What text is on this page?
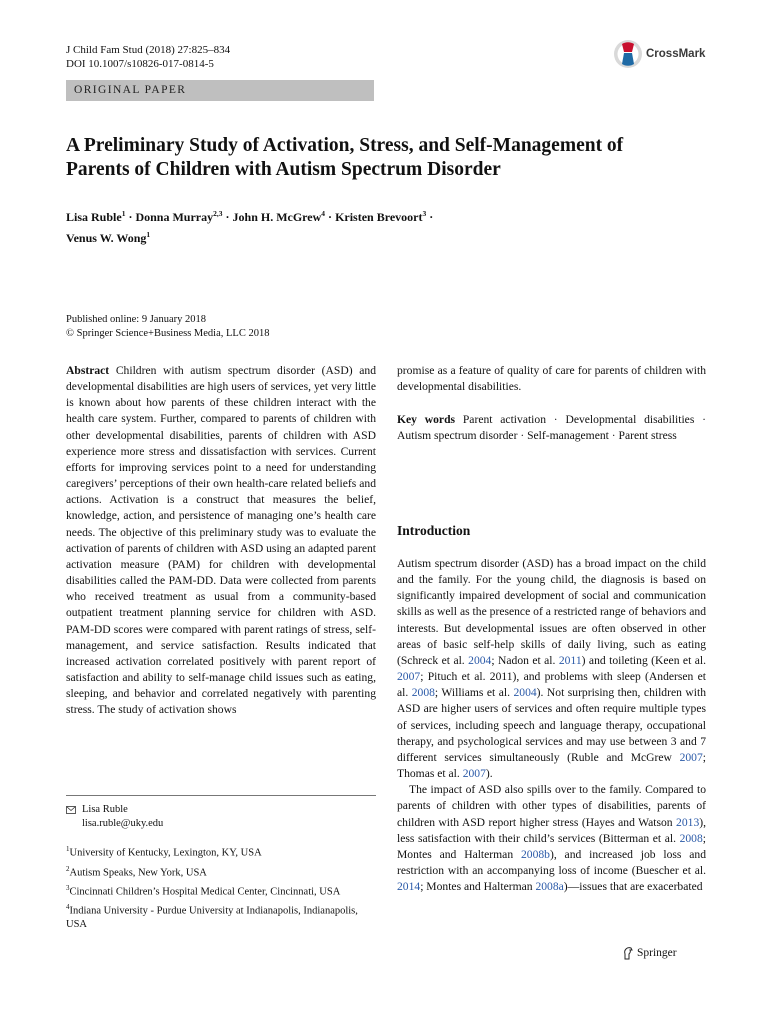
J Child Fam Stud (2018) 27:825–834
DOI 10.1007/s10826-017-0814-5
CrossMark
ORIGINAL PAPER
A Preliminary Study of Activation, Stress, and Self-Management of
Parents of Children with Autism Spectrum Disorder
Lisa Ruble$^1$ · Donna Murray$^{2,3}$ · John H. McGrew$^4$ · Kristen Brevoort$^3$ ·
Venus W. Wong$^1$
Published online: 9 January 2018
© Springer Science+Business Media, LLC 2018

Abstract Children with autism spectrum disorder (ASD) and developmental disabilities are high users of services, yet very little is known about how parents of these children interact with the health care system. Further, compared to parents of children with other developmental disabilities, parents of children with ASD experience more stress and dissatisfaction with services. Current efforts for improving services point to a need for understanding caregivers’ perceptions of their own health-care related beliefs and actions. Activation is a construct that measures the belief, knowledge, action, and persistence of managing one’s health care needs. The objective of this preliminary study was to evaluate the activation of parents of children with ASD using an adapted parent activation measure (PAM) for children with developmental disabilities called the PAM-DD. Data were collected from parents who received treatment as usual from a community-based outpatient treatment planning service for children with ASD. PAM-DD scores were compared with parent ratings of stress, self-management, and service satisfaction. Results indicated that increased activation correlated positively with parent report of satisfaction and ability to self-manage child issues such as eating, sleeping, and behavior and correlated negatively with parenting stress. The study of activation shows

promise as a feature of quality of care for parents of children with developmental disabilities.

Key words Parent activation · Developmental disabilities · Autism spectrum disorder · Self-management · Parent stress

Introduction

Autism spectrum disorder (ASD) has a broad impact on the child and the family. For the young child, the diagnosis is based on significantly impaired development of social and communication skills as well as the presence of a restricted range of behaviors and interests. But developmental issues are often observed in other areas of basic self-help skills of daily living, such as eating (Schreck et al. 2004; Nadon et al. 2011) and toileting (Keen et al. 2007; Pituch et al. 2011), and problems with sleep (Andersen et al. 2008; Williams et al. 2004). Not surprising then, children with ASD are higher users of services and often require multiple types of services, including speech and language therapy, occupational therapy, and psychological services and may use between 3 and 7 different services simultaneously (Ruble and McGrew 2007; Thomas et al. 2007).

The impact of ASD also spills over to the family. Compared to parents of children with other types of disabilities, parents of children with ASD report higher stress (Hayes and Watson 2013), less satisfaction with their child’s services (Bitterman et al. 2008; Montes and Halterman 2008b), and increased job loss and restriction with an accompanying loss of income (Buescher et al. 2014; Montes and Halterman 2008a)—issues that are exacerbated

Lisa Ruble
lisa.ruble@uky.edu
$^1$University of Kentucky, Lexington, KY, USA
$^2$Autism Speaks, New York, USA
$^3$Cincinnati Children’s Hospital Medical Center, Cincinnati, USA
$^4$Indiana University - Purdue University at Indianapolis, Indianapolis, USA
Springer
